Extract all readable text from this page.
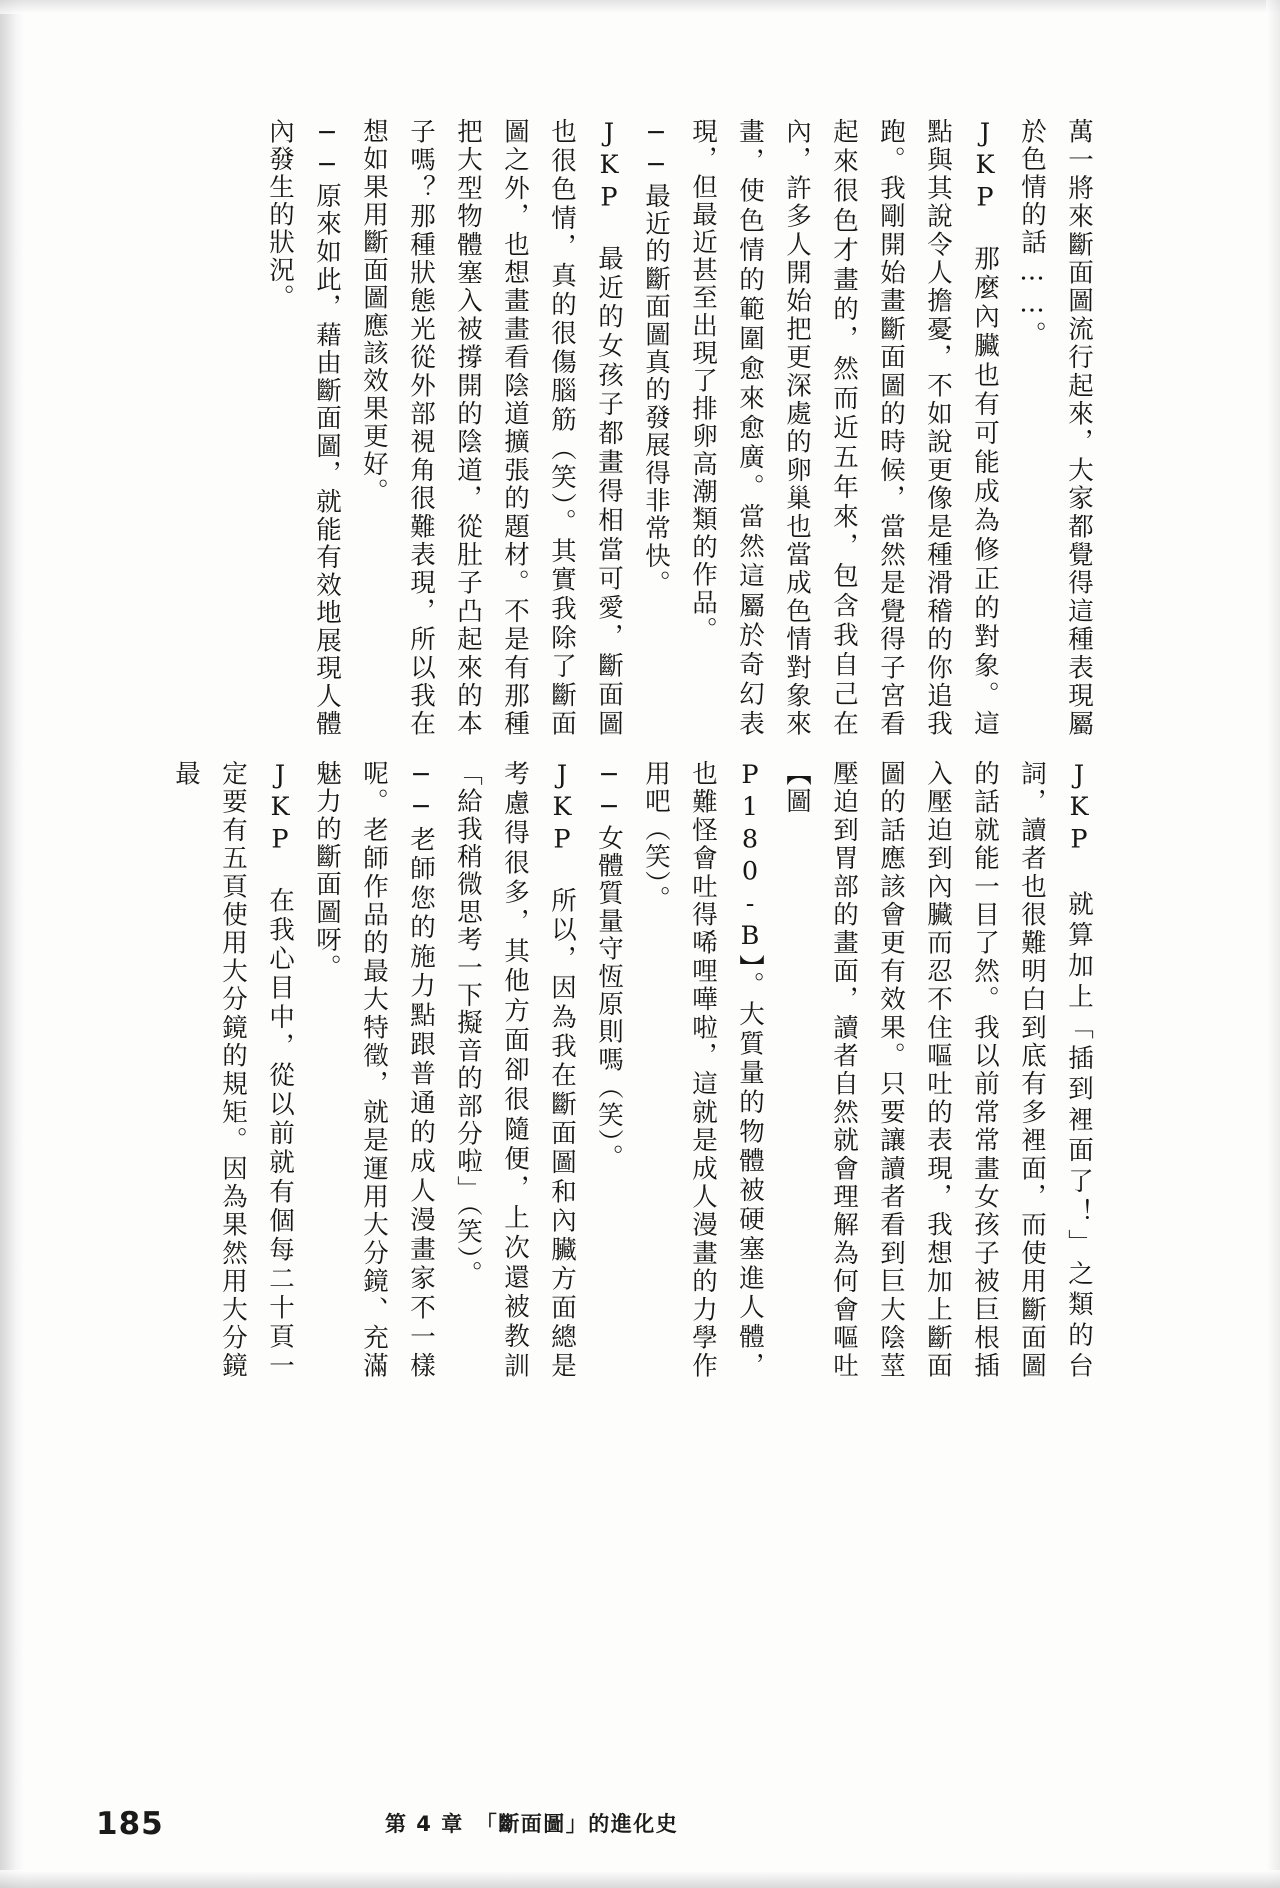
萬一將來斷面圖流行起來，大家都覺得這種表現屬於色情的話……。

JKP　那麼內臟也有可能成為修正的對象。這點與其說令人擔憂，不如說更像是種滑稽的你追我跑。我剛開始畫斷面圖的時候，當然是覺得子宮看起來很色才畫的，然而近五年來，包含我自己在內，許多人開始把更深處的卵巢也當成色情對象來畫，使色情的範圍愈來愈廣。當然這屬於奇幻表現，但最近甚至出現了排卵高潮類的作品。

──最近的斷面圖真的發展得非常快。

JKP　最近的女孩子都畫得相當可愛，斷面圖也很色情，真的很傷腦筋（笑）。其實我除了斷面圖之外，也想畫畫看陰道擴張的題材。不是有那種把大型物體塞入被撐開的陰道，從肚子凸起來的本子嗎？那種狀態光從外部視角很難表現，所以我在想如果用斷面圖應該效果更好。

──原來如此，藉由斷面圖，就能有效地展現人體內發生的狀況。

JKP　就算加上「插到裡面了！」之類的台詞，讀者也很難明白到底有多裡面，而使用斷面圖的話就能一目了然。我以前常常畫女孩子被巨根插入壓迫到內臟而忍不住嘔吐的表現，我想加上斷面圖的話應該會更有效果。只要讓讀者看到巨大陰莖壓迫到胃部的畫面，讀者自然就會理解為何會嘔吐【圖

P180-B】。大質量的物體被硬塞進人體，也難怪會吐得唏哩嘩啦，這就是成人漫畫的力學作用吧（笑）。

──女體質量守恆原則嗎（笑）。

JKP　所以，因為我在斷面圖和內臟方面總是考慮得很多，其他方面卻很隨便，上次還被教訓「給我稍微思考一下擬音的部分啦」（笑）。

──老師您的施力點跟普通的成人漫畫家不一樣呢。老師作品的最大特徵，就是運用大分鏡、充滿魅力的斷面圖呀。

JKP　在我心目中，從以前就有個每二十頁一定要有五頁使用大分鏡的規矩。因為果然用大分鏡最

185	第 4 章　「斷面圖」的進化史
